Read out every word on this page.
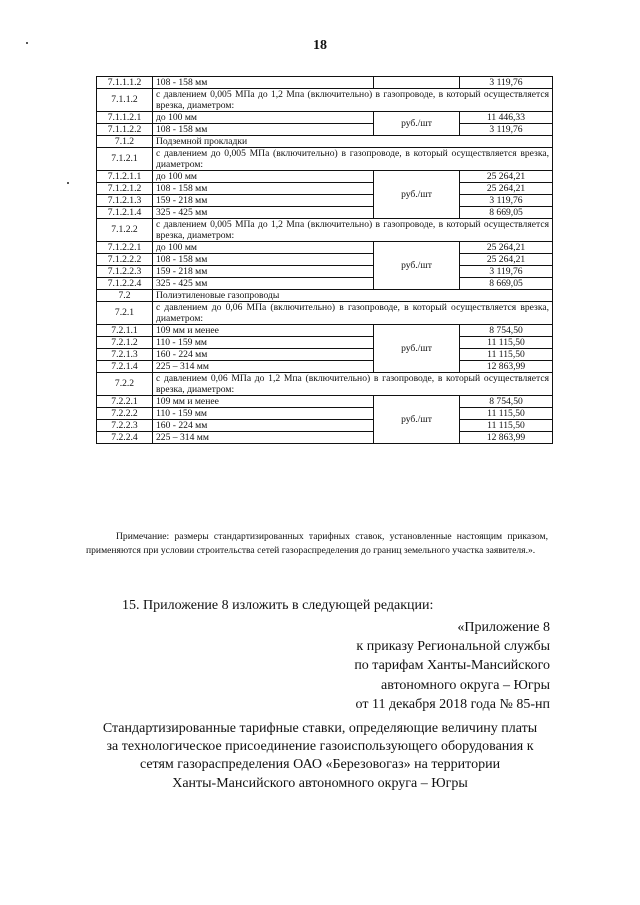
18
7.1.1.1.2	108 - 158 мм		3 119,76
7.1.1.2	с давлением 0,005 МПа до 1,2 Мпа (включительно) в газопроводе, в который осуществляется врезка, диаметром:		
7.1.1.2.1	до 100 мм	руб./шт	11 446,33
7.1.1.2.2	108 - 158 мм		3 119,76
7.1.2	Подземной прокладки		
7.1.2.1	с давлением до 0,005 МПа (включительно) в газопроводе, в который осуществляется врезка, диаметром:		
7.1.2.1.1	до 100 мм	руб./шт	25 264,21
7.1.2.1.2	108 - 158 мм		25 264,21
7.1.2.1.3	159 - 218 мм		3 119,76
7.1.2.1.4	325 - 425 мм		8 669,05
7.1.2.2	с давлением 0,005 МПа до 1,2 Мпа (включительно) в газопроводе, в который осуществляется врезка, диаметром:		
7.1.2.2.1	до 100 мм	руб./шт	25 264,21
7.1.2.2.2	108 - 158 мм		25 264,21
7.1.2.2.3	159 - 218 мм		3 119,76
7.1.2.2.4	325 - 425 мм		8 669,05
7.2	Полиэтиленовые газопроводы		
7.2.1	с давлением до 0,06 МПа (включительно) в газопроводе, в который осуществляется врезка, диаметром:		
7.2.1.1	109 мм и менее	руб./шт	8 754,50
7.2.1.2	110 - 159 мм		11 115,50
7.2.1.3	160 - 224 мм		11 115,50
7.2.1.4	225 – 314 мм		12 863,99
7.2.2	с давлением 0,06 МПа до 1,2 Мпа (включительно) в газопроводе, в который осуществляется врезка, диаметром:		
7.2.2.1	109 мм и менее	руб./шт	8 754,50
7.2.2.2	110 - 159 мм		11 115,50
7.2.2.3	160 - 224 мм		11 115,50
7.2.2.4	225 – 314 мм		12 863,99
Примечание: размеры стандартизированных тарифных ставок, установленные настоящим приказом, применяются при условии строительства сетей газораспределения до границ земельного участка заявителя.».
15. Приложение 8 изложить в следующей редакции:
«Приложение 8
к приказу Региональной службы
по тарифам Ханты-Мансийского
автономного округа – Югры
от 11 декабря 2018 года № 85-нп
Стандартизированные тарифные ставки, определяющие величину платы
за технологическое присоединение газоиспользующего оборудования к
сетям газораспределения ОАО «Березовогаз» на территории
Ханты-Мансийского автономного округа – Югры
